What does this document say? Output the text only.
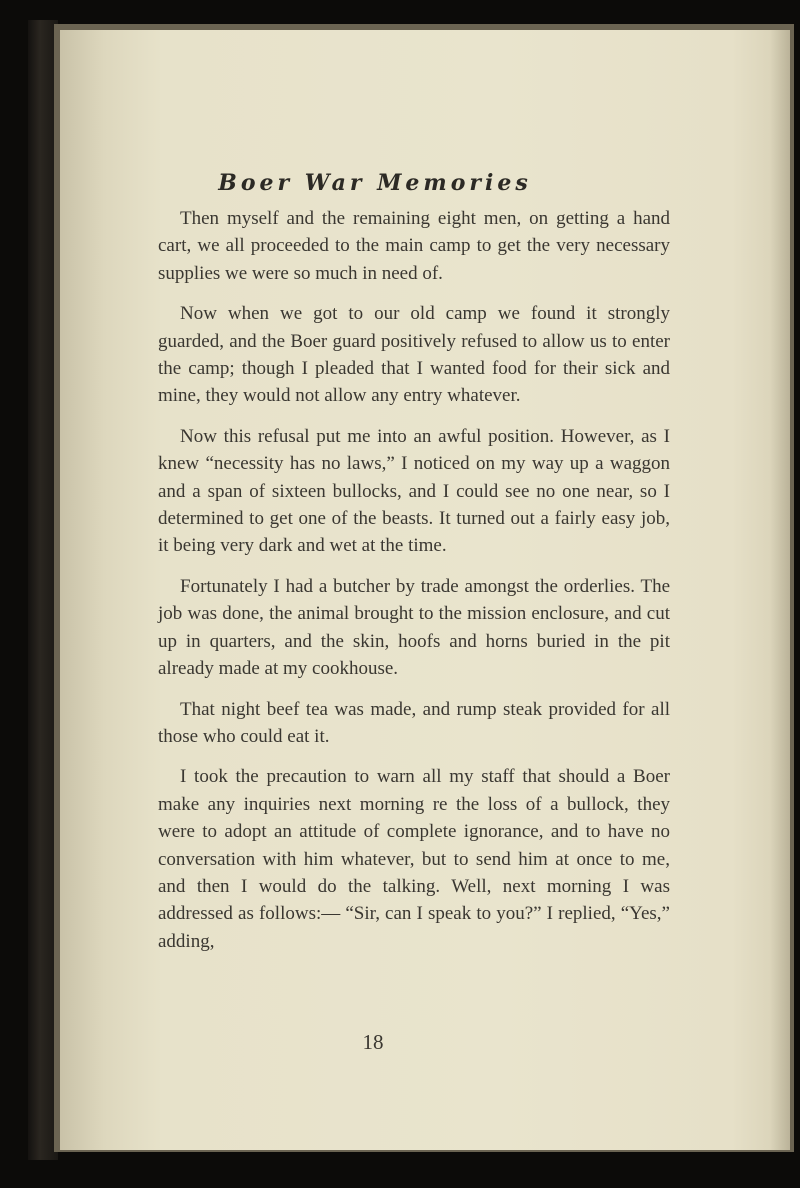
Boer War Memories
18

Then myself and the remaining eight men, on getting a hand cart, we all proceeded to the main camp to get the very necessary supplies we were so much in need of.

Now when we got to our old camp we found it strongly guarded, and the Boer guard positively refused to allow us to enter the camp; though I pleaded that I wanted food for their sick and mine, they would not allow any entry whatever.

Now this refusal put me into an awful position. However, as I knew “necessity has no laws,” I noticed on my way up a waggon and a span of sixteen bullocks, and I could see no one near, so I determined to get one of the beasts. It turned out a fairly easy job, it being very dark and wet at the time.

Fortunately I had a butcher by trade amongst the orderlies. The job was done, the animal brought to the mission enclosure, and cut up in quarters, and the skin, hoofs and horns buried in the pit already made at my cookhouse.

That night beef tea was made, and rump steak provided for all those who could eat it.

I took the precaution to warn all my staff that should a Boer make any inquiries next morning re the loss of a bullock, they were to adopt an attitude of complete ignorance, and to have no conversation with him whatever, but to send him at once to me, and then I would do the talking. Well, next morning I was addressed as follows:— “Sir, can I speak to you?” I replied, “Yes,” adding,
